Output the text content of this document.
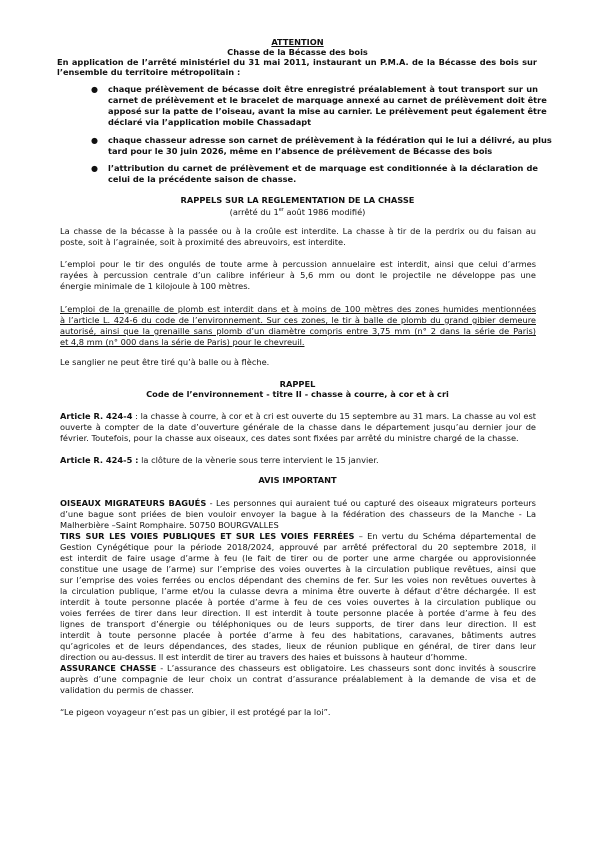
ATTENTION
Chasse de la Bécasse des bois
En application de l’arrêté ministériel du 31 mai 2011, instaurant un P.M.A. de la Bécasse des bois sur
l’ensemble du territoire métropolitain :
● chaque prélèvement de bécasse doit être enregistré préalablement à tout transport sur un
carnet de prélèvement et le bracelet de marquage annexé au carnet de prélèvement doit être
apposé sur la patte de l’oiseau, avant la mise au carnier. Le prélèvement peut également être
déclaré via l’application mobile Chassadapt
● chaque chasseur adresse son carnet de prélèvement à la fédération qui le lui a délivré, au plus
tard pour le 30 juin 2026, même en l’absence de prélèvement de Bécasse des bois
● l’attribution du carnet de prélèvement et de marquage est conditionnée à la déclaration de
celui de la précédente saison de chasse.
RAPPELS SUR LA REGLEMENTATION DE LA CHASSE
(arrêté du 1er août 1986 modifié)
La chasse de la bécasse à la passée ou à la croûle est interdite. La chasse à tir de la perdrix ou du faisan au
poste, soit à l’agrainée, soit à proximité des abreuvoirs, est interdite.
L’emploi pour le tir des ongulés de toute arme à percussion annuelaire est interdit, ainsi que celui d’armes
rayées à percussion centrale d’un calibre inférieur à 5,6 mm ou dont le projectile ne développe pas une
énergie minimale de 1 kilojoule à 100 mètres.
L’emploi de la grenaille de plomb est interdit dans et à moins de 100 mètres des zones humides mentionnées
à l’article L. 424-6 du code de l’environnement. Sur ces zones, le tir à balle de plomb du grand gibier demeure
autorisé, ainsi que la grenaille sans plomb d’un diamètre compris entre 3,75 mm (n° 2 dans la série de Paris)
et 4,8 mm (n° 000 dans la série de Paris) pour le chevreuil.
Le sanglier ne peut être tiré qu’à balle ou à flèche.
RAPPEL
Code de l’environnement - titre II - chasse à courre, à cor et à cri
Article R. 424-4 : la chasse à courre, à cor et à cri est ouverte du 15 septembre au 31 mars. La chasse au vol est
ouverte à compter de la date d’ouverture générale de la chasse dans le département jusqu’au dernier jour de
février. Toutefois, pour la chasse aux oiseaux, ces dates sont fixées par arrêté du ministre chargé de la chasse.
Article R. 424-5 : la clôture de la vènerie sous terre intervient le 15 janvier.
AVIS IMPORTANT
OISEAUX MIGRATEURS BAGUÉS - Les personnes qui auraient tué ou capturé des oiseaux migrateurs porteurs
d’une bague sont priées de bien vouloir envoyer la bague à la fédération des chasseurs de la Manche - La
Malherbière –Saint Romphaire. 50750 BOURGVALLES
TIRS SUR LES VOIES PUBLIQUES ET SUR LES VOIES FERRÉES – En vertu du Schéma départemental de
Gestion Cynégétique pour la période 2018/2024, approuvé par arrêté préfectoral du 20 septembre 2018, il
est interdit de faire usage d’arme à feu (le fait de tirer ou de porter une arme chargée ou approvisionnée
constitue une usage de l’arme) sur l’emprise des voies ouvertes à la circulation publique revêtues, ainsi que
sur l’emprise des voies ferrées ou enclos dépendant des chemins de fer. Sur les voies non revêtues ouvertes à
la circulation publique, l’arme et/ou la culasse devra a minima être ouverte à défaut d’être déchargée. Il est
interdit à toute personne placée à portée d’arme à feu de ces voies ouvertes à la circulation publique ou
voies ferrées de tirer dans leur direction. Il est interdit à toute personne placée à portée d’arme à feu des
lignes de transport d’énergie ou téléphoniques ou de leurs supports, de tirer dans leur direction. Il est
interdit à toute personne placée à portée d’arme à feu des habitations, caravanes, bâtiments autres
qu’agricoles et de leurs dépendances, des stades, lieux de réunion publique en général, de tirer dans leur
direction ou au-dessus. Il est interdit de tirer au travers des haies et buissons à hauteur d’homme.
ASSURANCE CHASSE - L’assurance des chasseurs est obligatoire. Les chasseurs sont donc invités à souscrire
auprès d’une compagnie de leur choix un contrat d’assurance préalablement à la demande de visa et de
validation du permis de chasser.
“Le pigeon voyageur n’est pas un gibier, il est protégé par la loi”.
